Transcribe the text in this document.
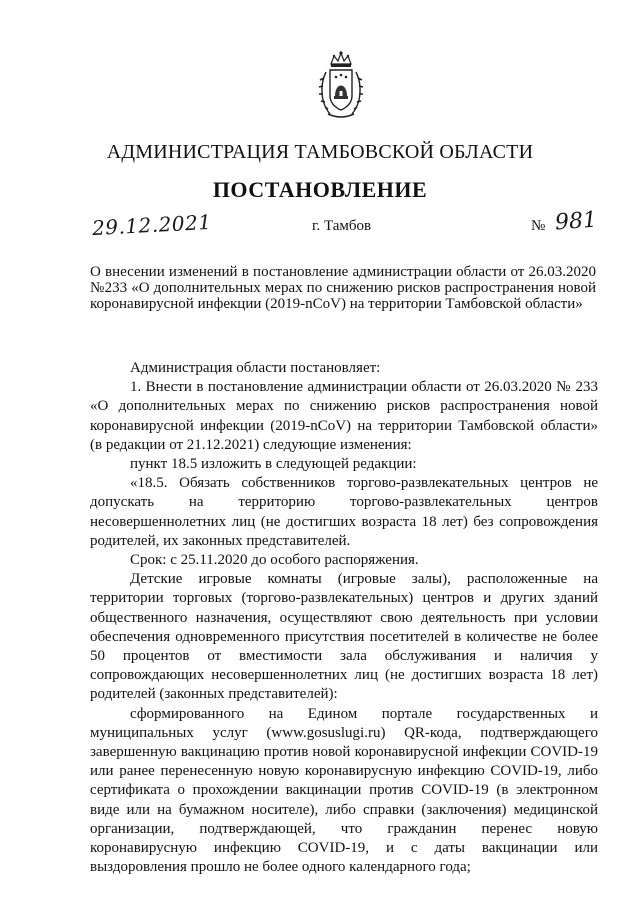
АДМИНИСТРАЦИЯ ТАМБОВСКОЙ ОБЛАСТИ
ПОСТАНОВЛЕНИЕ
29.12.2021	г. Тамбов	№ 981
О внесении изменений в постановление администрации области от 26.03.2020 №233 «О дополнительных мерах по снижению рисков распространения новой коронавирусной инфекции (2019-nCoV) на территории Тамбовской области»

Администрация области постановляет:

1. Внести в постановление администрации области от 26.03.2020 № 233 «О дополнительных мерах по снижению рисков распространения новой коронавирусной инфекции (2019-nCoV) на территории Тамбовской области» (в редакции от 21.12.2021) следующие изменения:

пункт 18.5 изложить в следующей редакции:

«18.5. Обязать собственников торгово-развлекательных центров не допускать на территорию торгово-развлекательных центров несовершеннолетних лиц (не достигших возраста 18 лет) без сопровождения родителей, их законных представителей.

Срок: с 25.11.2020 до особого распоряжения.

Детские игровые комнаты (игровые залы), расположенные на территории торговых (торгово-развлекательных) центров и других зданий общественного назначения, осуществляют свою деятельность при условии обеспечения одновременного присутствия посетителей в количестве не более 50 процентов от вместимости зала обслуживания и наличия у сопровождающих несовершеннолетних лиц (не достигших возраста 18 лет) родителей (законных представителей):

сформированного на Едином портале государственных и муниципальных услуг (www.gosuslugi.ru) QR-кода, подтверждающего завершенную вакцинацию против новой коронавирусной инфекции COVID-19 или ранее перенесенную новую коронавирусную инфекцию COVID-19, либо сертификата о прохождении вакцинации против COVID-19 (в электронном виде или на бумажном носителе), либо справки (заключения) медицинской организации, подтверждающей, что гражданин перенес новую коронавирусную инфекцию COVID-19, и с даты вакцинации или выздоровления прошло не более одного календарного года;
